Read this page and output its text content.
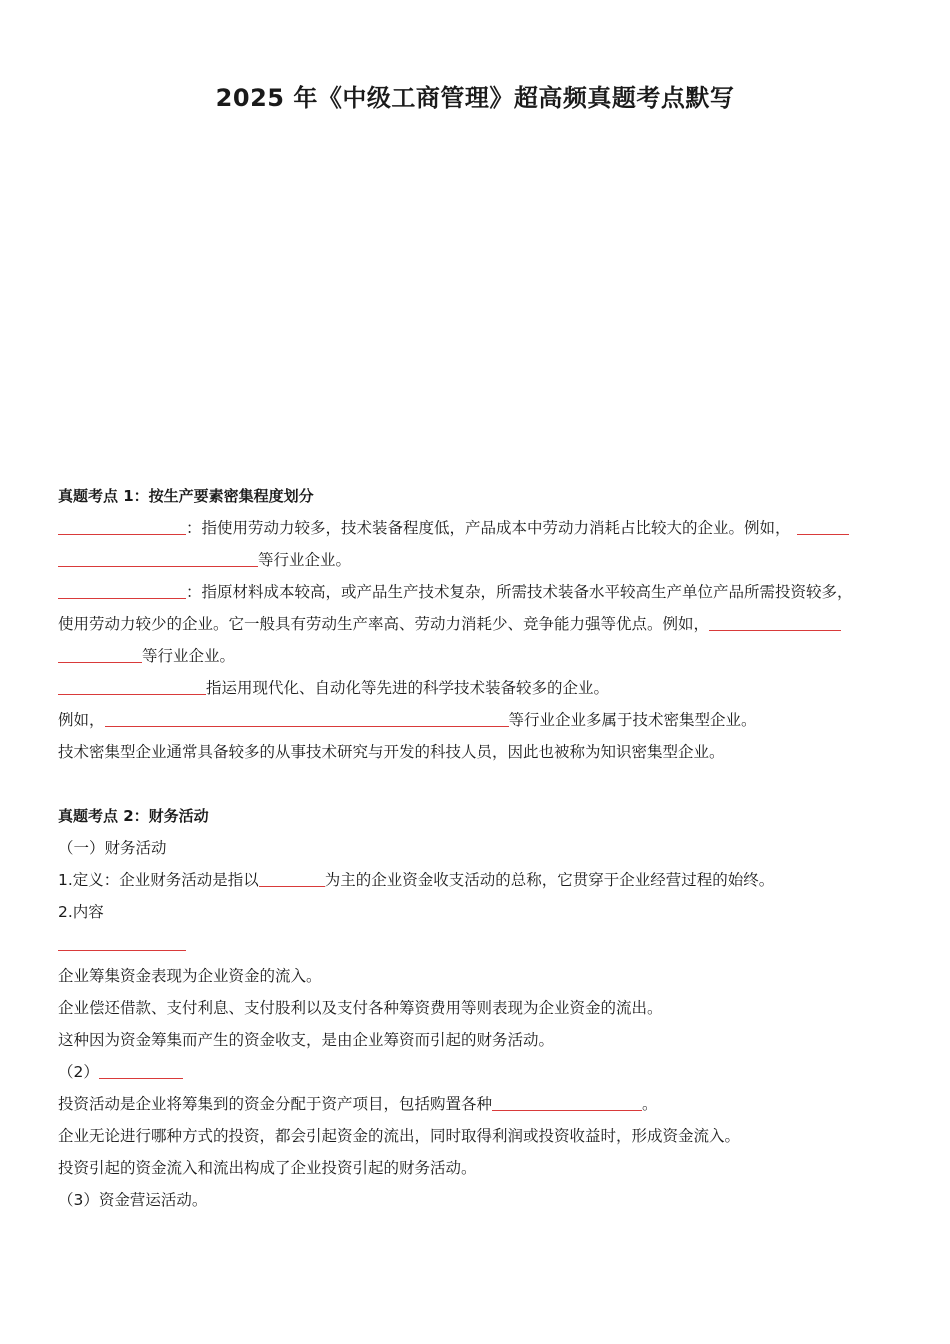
2025 年《中级工商管理》超高频真题考点默写
真题考点 1：按生产要素密集程度划分
：指使用劳动力较多，技术装备程度低，产品成本中劳动力消耗占比较大的企业。例如，
等行业企业。
：指原材料成本较高，或产品生产技术复杂，所需技术装备水平较高生产单位产品所需投资较多，
使用劳动力较少的企业。它一般具有劳动生产率高、劳动力消耗少、竞争能力强等优点。例如，
等行业企业。
指运用现代化、自动化等先进的科学技术装备较多的企业。
例如，	等行业企业多属于技术密集型企业。
技术密集型企业通常具备较多的从事技术研究与开发的科技人员，因此也被称为知识密集型企业。
真题考点 2：财务活动
（一）财务活动
1.定义：企业财务活动是指以	为主的企业资金收支活动的总称，它贯穿于企业经营过程的始终。
2.内容
企业筹集资金表现为企业资金的流入。
企业偿还借款、支付利息、支付股利以及支付各种筹资费用等则表现为企业资金的流出。
这种因为资金筹集而产生的资金收支，是由企业筹资而引起的财务活动。
（2）
投资活动是企业将筹集到的资金分配于资产项目，包括购置各种	。
企业无论进行哪种方式的投资，都会引起资金的流出，同时取得利润或投资收益时，形成资金流入。
投资引起的资金流入和流出构成了企业投资引起的财务活动。
（3）资金营运活动。
